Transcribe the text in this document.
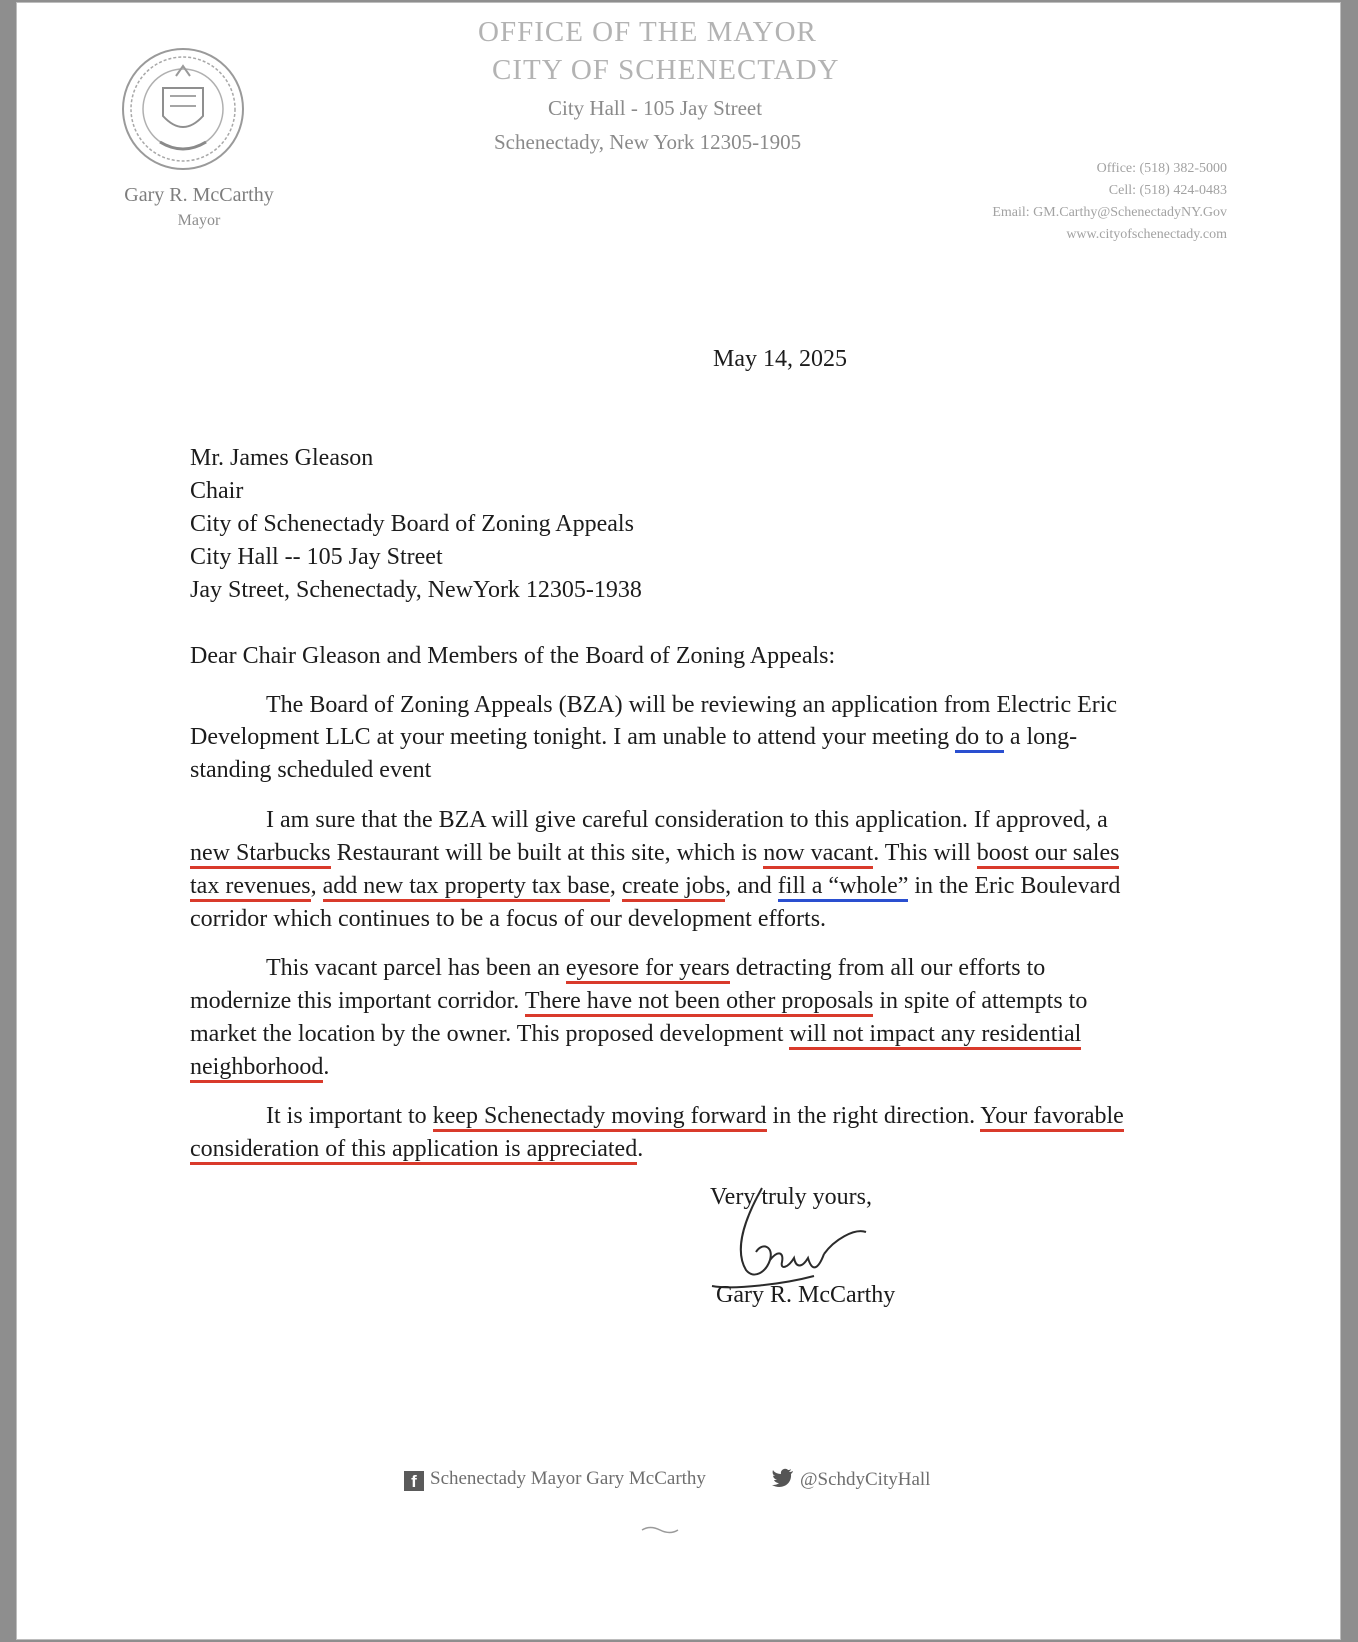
Gary R. McCarthy
Mayor
OFFICE OF THE MAYOR
CITY OF SCHENECTADY
City Hall - 105 Jay Street
Schenectady, New York 12305-1905
Office: (518) 382-5000
Cell: (518) 424-0483
Email: GM.Carthy@SchenectadyNY.Gov
www.cityofschenectady.com
May 14, 2025
Mr. James Gleason
Chair
City of Schenectady Board of Zoning Appeals
City Hall -- 105 Jay Street
Jay Street, Schenectady, NewYork 12305-1938
Dear Chair Gleason and Members of the Board of Zoning Appeals:
The Board of Zoning Appeals (BZA) will be reviewing an application from Electric Eric
Development LLC at your meeting tonight. I am unable to attend your meeting do to a long-
standing scheduled event
I am sure that the BZA will give careful consideration to this application. If approved, a
new Starbucks Restaurant will be built at this site, which is now vacant. This will boost our sales
tax revenues, add new tax property tax base, create jobs, and fill a “whole” in the Eric Boulevard
corridor which continues to be a focus of our development efforts.
This vacant parcel has been an eyesore for years detracting from all our efforts to
modernize this important corridor. There have not been other proposals in spite of attempts to
market the location by the owner. This proposed development will not impact any residential
neighborhood.
It is important to keep Schenectady moving forward in the right direction. Your favorable
consideration of this application is appreciated.
Very truly yours,
Gary R. McCarthy
f Schenectady Mayor Gary McCarthy	@SchdyCityHall
